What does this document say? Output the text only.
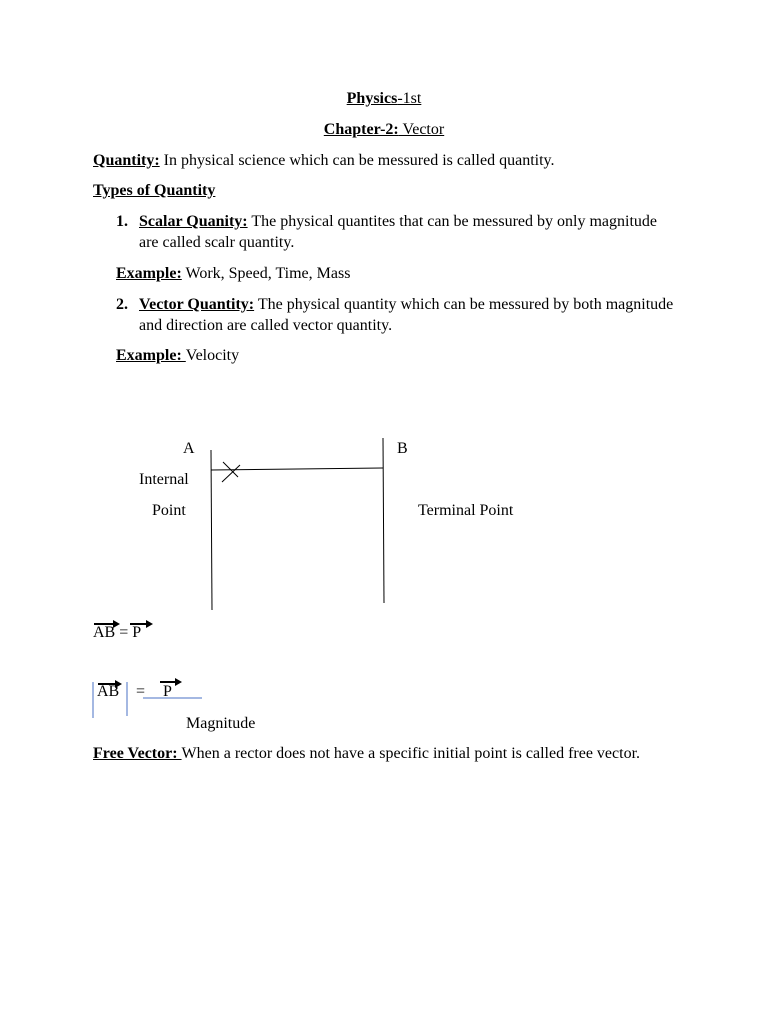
Physics-1st
Chapter-2: Vector
Quantity: In physical science which can be messured is called quantity.
Types of Quantity
1. Scalar Quanity: The physical quantites that can be messured by only magnitude are called scalr quantity.
Example: Work, Speed, Time, Mass
2. Vector Quantity: The physical quantity which can be messured by both magnitude and direction are called vector quantity.
Example: Velocity
A	B
Internal
Point	Terminal Point
AB = P
AB = P
Magnitude
Free Vector: When a rector does not have a specific initial point is called free vector.
